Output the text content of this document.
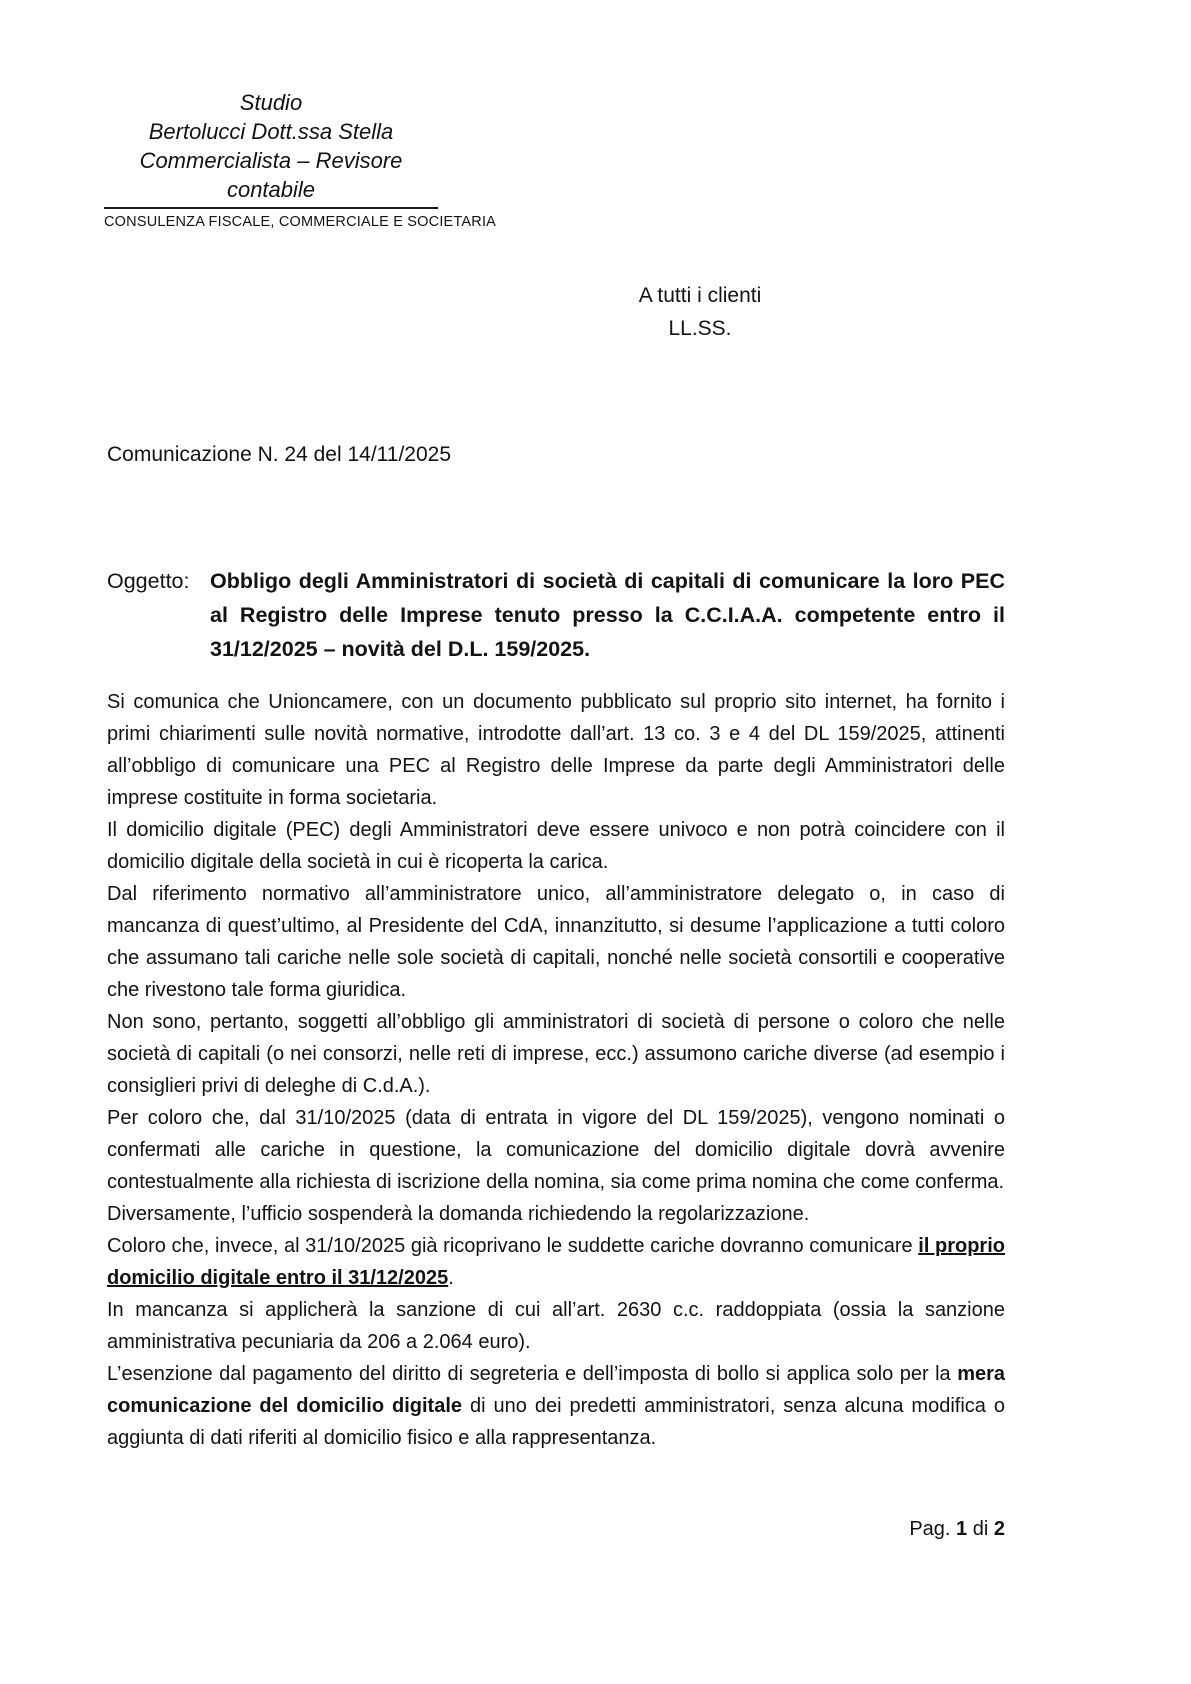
Studio
Bertolucci Dott.ssa Stella
Commercialista – Revisore contabile
CONSULENZA FISCALE, COMMERCIALE E SOCIETARIA
A tutti i clienti
LL.SS.
Comunicazione N. 24 del 14/11/2025
Oggetto: Obbligo degli Amministratori di società di capitali di comunicare la loro PEC al Registro delle Imprese tenuto presso la C.C.I.A.A. competente entro il 31/12/2025 – novità del D.L. 159/2025.

Si comunica che Unioncamere, con un documento pubblicato sul proprio sito internet, ha fornito i primi chiarimenti sulle novità normative, introdotte dall’art. 13 co. 3 e 4 del DL 159/2025, attinenti all’obbligo di comunicare una PEC al Registro delle Imprese da parte degli Amministratori delle imprese costituite in forma societaria.

Il domicilio digitale (PEC) degli Amministratori deve essere univoco e non potrà coincidere con il domicilio digitale della società in cui è ricoperta la carica.

Dal riferimento normativo all’amministratore unico, all’amministratore delegato o, in caso di mancanza di quest’ultimo, al Presidente del CdA, innanzitutto, si desume l’applicazione a tutti coloro che assumano tali cariche nelle sole società di capitali, nonché nelle società consortili e cooperative che rivestono tale forma giuridica.

Non sono, pertanto, soggetti all’obbligo gli amministratori di società di persone o coloro che nelle società di capitali (o nei consorzi, nelle reti di imprese, ecc.) assumono cariche diverse (ad esempio i consiglieri privi di deleghe di C.d.A.).

Per coloro che, dal 31/10/2025 (data di entrata in vigore del DL 159/2025), vengono nominati o confermati alle cariche in questione, la comunicazione del domicilio digitale dovrà avvenire contestualmente alla richiesta di iscrizione della nomina, sia come prima nomina che come conferma.

Diversamente, l’ufficio sospenderà la domanda richiedendo la regolarizzazione.

Coloro che, invece, al 31/10/2025 già ricoprivano le suddette cariche dovranno comunicare il proprio domicilio digitale entro il 31/12/2025.

In mancanza si applicherà la sanzione di cui all’art. 2630 c.c. raddoppiata (ossia la sanzione amministrativa pecuniaria da 206 a 2.064 euro).

L’esenzione dal pagamento del diritto di segreteria e dell’imposta di bollo si applica solo per la mera comunicazione del domicilio digitale di uno dei predetti amministratori, senza alcuna modifica o aggiunta di dati riferiti al domicilio fisico e alla rappresentanza.

Pag. 1 di 2
